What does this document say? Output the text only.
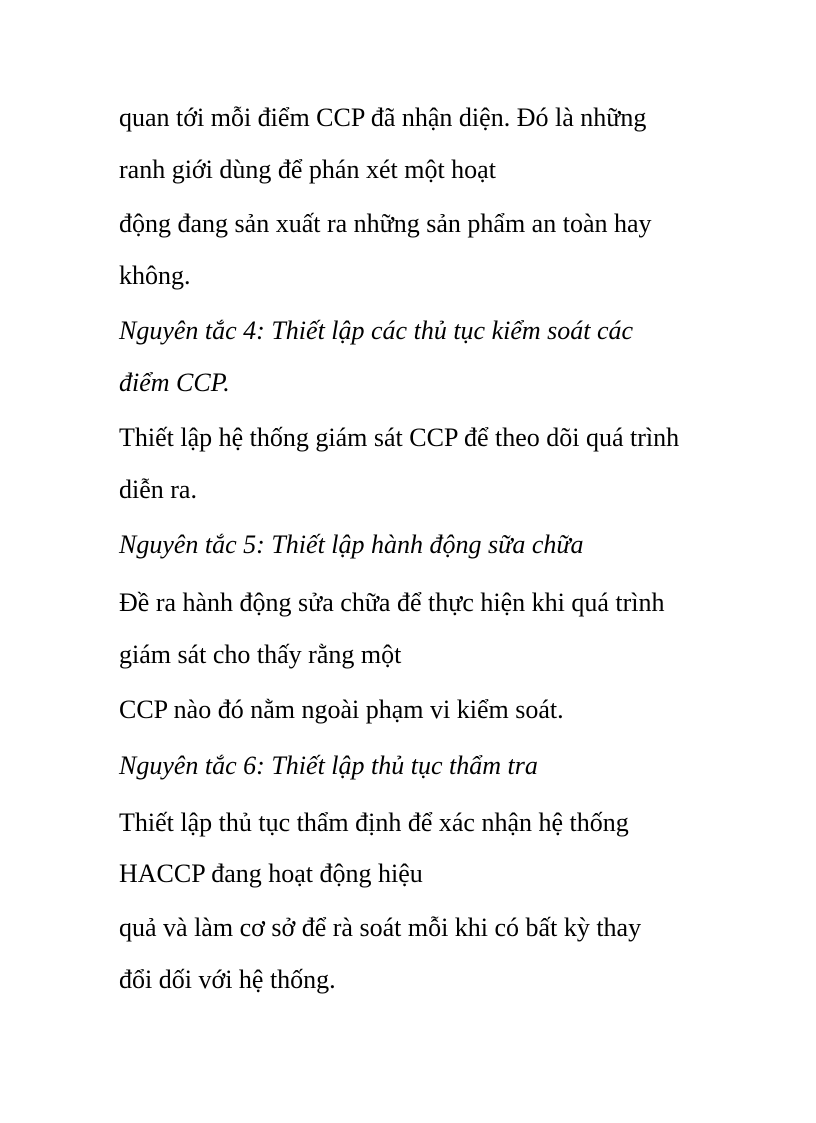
quan tới mỗi điểm CCP đã nhận diện. Đó là những

ranh giới dùng để phán xét một hoạt

động đang sản xuất ra những sản phẩm an toàn hay

không.

Nguyên tắc 4: Thiết lập các thủ tục kiểm soát các

điểm CCP.

Thiết lập hệ thống giám sát CCP để theo dõi quá trình

diễn ra.

Nguyên tắc 5: Thiết lập hành động sữa chữa

Đề ra hành động sửa chữa để thực hiện khi quá trình

giám sát cho thấy rằng một

CCP nào đó nằm ngoài phạm vi kiểm soát.

Nguyên tắc 6: Thiết lập thủ tục thẩm tra

Thiết lập thủ tục thẩm định để xác nhận hệ thống

HACCP đang hoạt động hiệu

quả và làm cơ sở để rà soát mỗi khi có bất kỳ thay

đổi dối với hệ thống.
